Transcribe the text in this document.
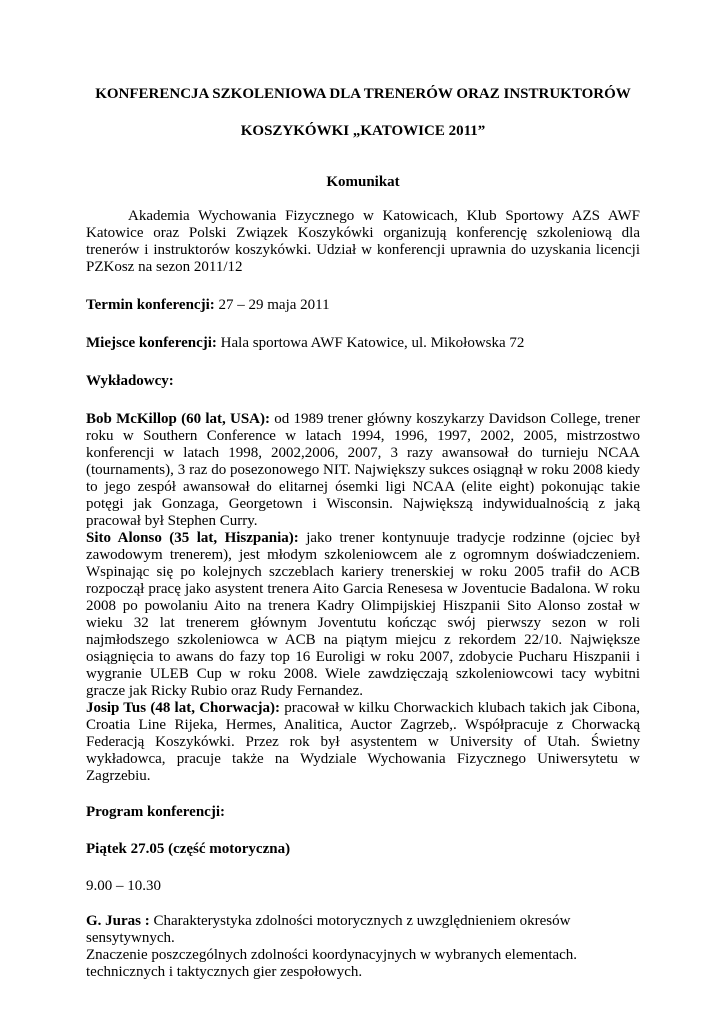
KONFERENCJA SZKOLENIOWA DLA TRENERÓW ORAZ INSTRUKTORÓW

KOSZYKÓWKI „KATOWICE 2011”

Komunikat

Akademia Wychowania Fizycznego w Katowicach, Klub Sportowy AZS AWF Katowice oraz Polski Związek Koszykówki organizują konferencję szkoleniową dla trenerów i instruktorów koszykówki. Udział w konferencji uprawnia do uzyskania licencji PZKosz na sezon 2011/12

Termin konferencji: 27 – 29 maja 2011

Miejsce konferencji: Hala sportowa AWF Katowice, ul. Mikołowska 72

Wykładowcy:

Bob McKillop (60 lat, USA): od 1989 trener główny koszykarzy Davidson College, trener roku w Southern Conference w latach 1994, 1996, 1997, 2002, 2005, mistrzostwo konferencji w latach 1998, 2002,2006, 2007, 3 razy awansował do turnieju NCAA (tournaments), 3 raz do posezonowego NIT. Największy sukces osiągnął w roku 2008 kiedy to jego zespół awansował do elitarnej ósemki ligi NCAA (elite eight) pokonując takie potęgi jak Gonzaga, Georgetown i Wisconsin. Największą indywidualnością z jaką pracował był Stephen Curry.

Sito Alonso (35 lat, Hiszpania): jako trener kontynuuje tradycje rodzinne (ojciec był zawodowym trenerem), jest młodym szkoleniowcem ale z ogromnym doświadczeniem. Wspinając się po kolejnych szczeblach kariery trenerskiej w roku 2005 trafił do ACB rozpoczął pracę jako asystent trenera Aito Garcia Renesesa w Joventucie Badalona. W roku 2008 po powolaniu Aito na trenera Kadry Olimpijskiej Hiszpanii Sito Alonso został w wieku 32 lat trenerem głównym Joventutu kończąc swój pierwszy sezon w roli najmłodszego szkoleniowca w ACB na piątym miejcu z rekordem 22/10. Największe osiągnięcia to awans do fazy top 16 Euroligi w roku 2007, zdobycie Pucharu Hiszpanii i wygranie ULEB Cup w roku 2008. Wiele zawdzięczają szkoleniowcowi tacy wybitni gracze jak Ricky Rubio oraz Rudy Fernandez.

Josip Tus (48 lat, Chorwacja): pracował w kilku Chorwackich klubach takich jak Cibona, Croatia Line Rijeka, Hermes, Analitica, Auctor Zagrzeb,. Współpracuje z Chorwacką Federacją Koszykówki. Przez rok był asystentem w University of Utah. Świetny wykładowca, pracuje także na Wydziale Wychowania Fizycznego Uniwersytetu w Zagrzebiu.

Program konferencji:

Piątek 27.05 (część motoryczna)

9.00 – 10.30

G. Juras : Charakterystyka zdolności motorycznych z uwzględnieniem okresów sensytywnych.

Znaczenie poszczególnych zdolności koordynacyjnych w wybranych elementach. technicznych i taktycznych gier zespołowych.
